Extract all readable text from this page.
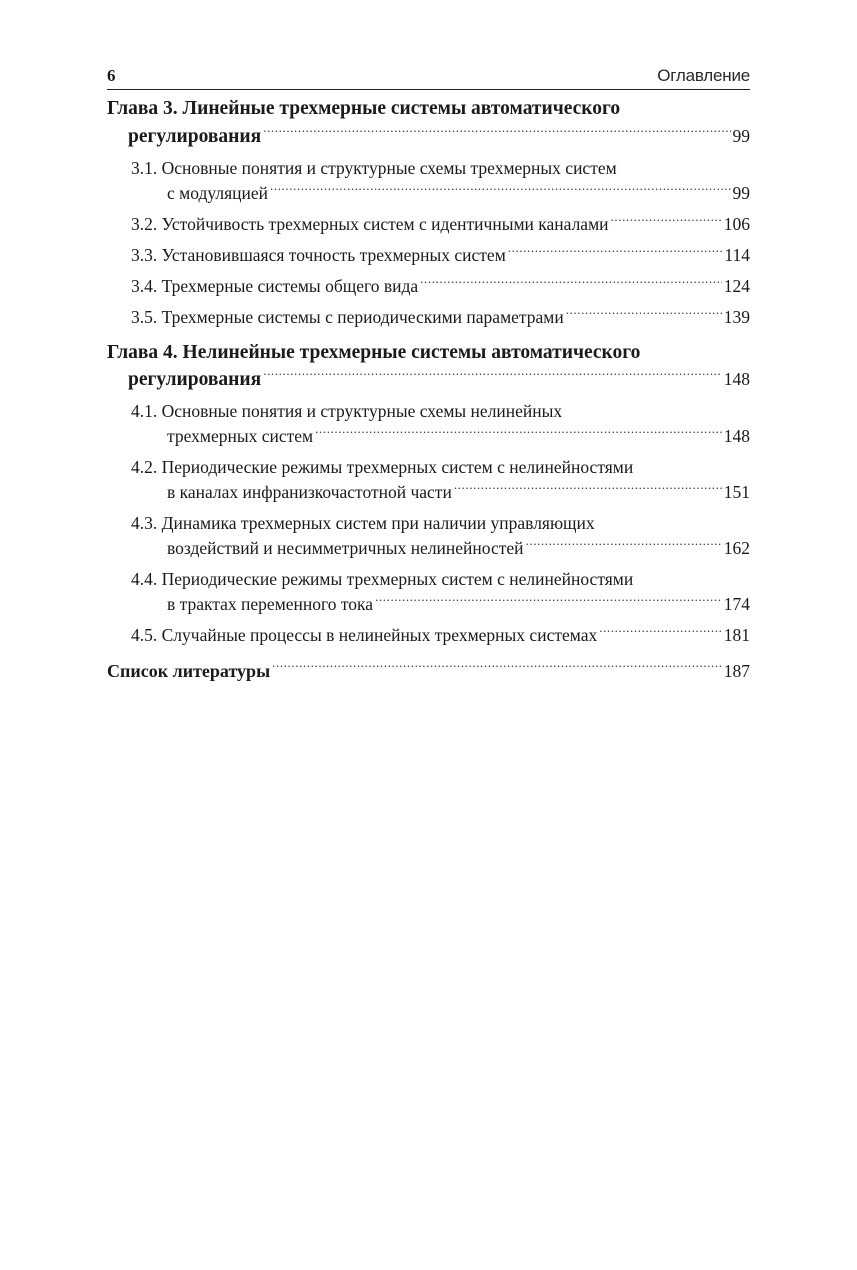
6	Оглавление
Глава 3. Линейные трехмерные системы автоматического
регулирования .....	99
3.1. Основные понятия и структурные схемы трехмерных систем
с модуляцией .....	99
3.2. Устойчивость трехмерных систем с идентичными каналами .....	106
3.3. Установившаяся точность трехмерных систем .....	114
3.4. Трехмерные системы общего вида .....	124
3.5. Трехмерные системы с периодическими параметрами .....	139
Глава 4. Нелинейные трехмерные системы автоматического
регулирования .....	148
4.1. Основные понятия и структурные схемы нелинейных
трехмерных систем .....	148
4.2. Периодические режимы трехмерных систем с нелинейностями
в каналах инфранизкочастотной части .....	151
4.3. Динамика трехмерных систем при наличии управляющих
воздействий и несимметричных нелинейностей .....	162
4.4. Периодические режимы трехмерных систем с нелинейностями
в трактах переменного тока .....	174
4.5. Случайные процессы в нелинейных трехмерных системах .....	181
Список литературы .....	187
